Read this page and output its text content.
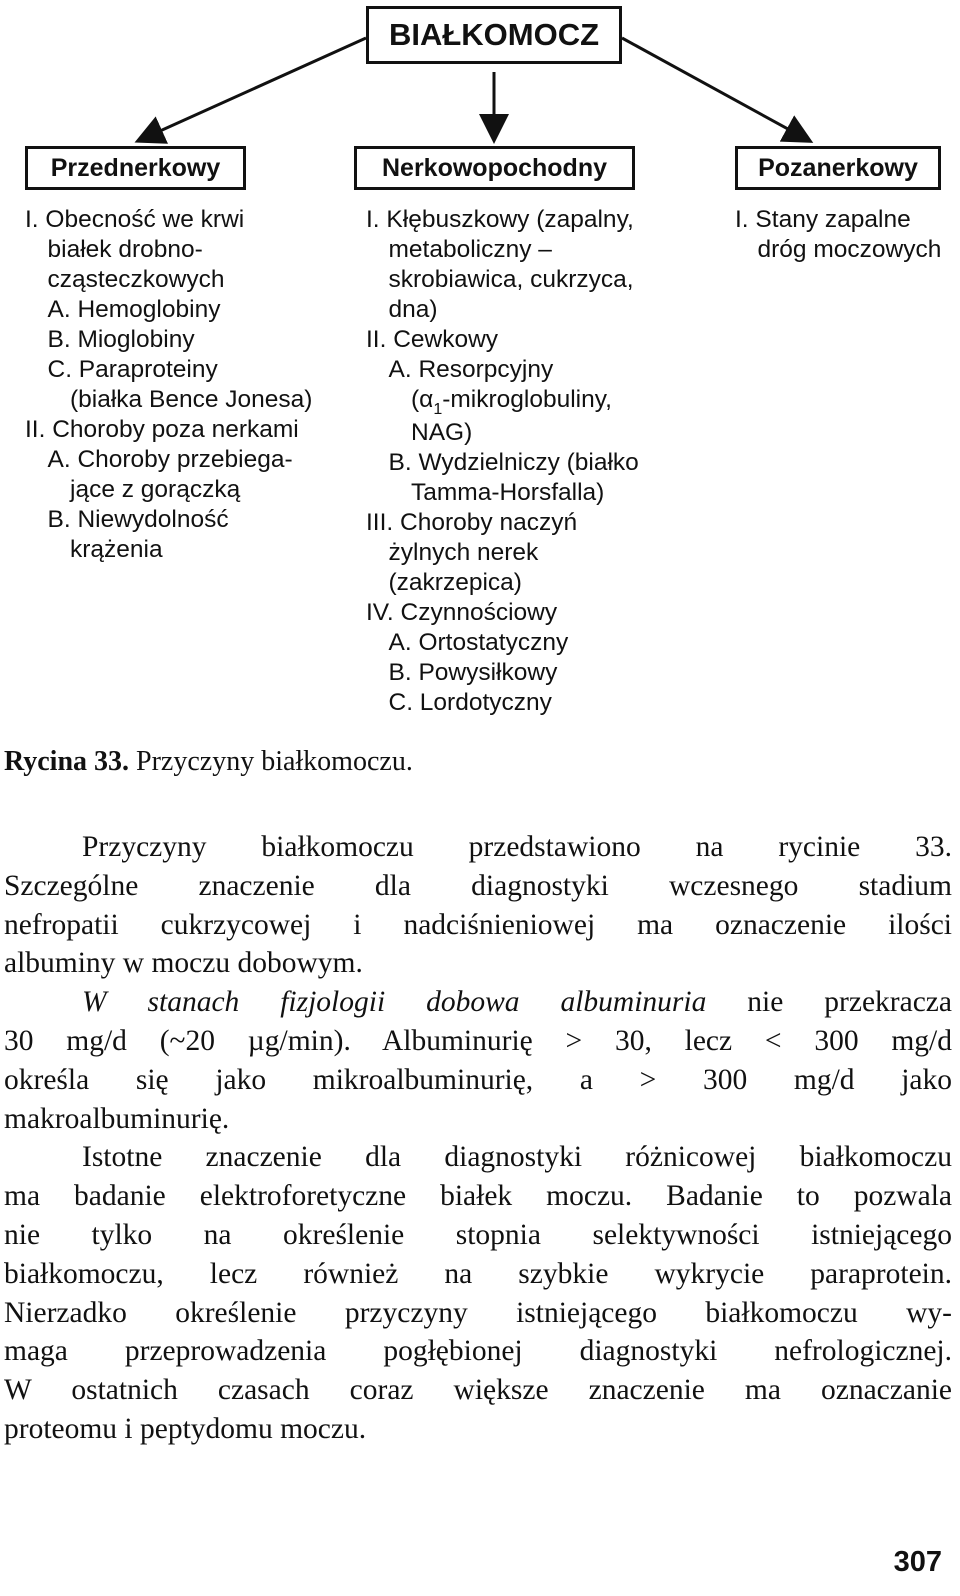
BIAŁKOMOCZ
Przednerkowy	Nerkowopochodny	Pozanerkowy
I. Obecność we krwi
białek drobno-
cząsteczkowych
A. Hemoglobiny
B. Mioglobiny
C. Paraproteiny
(białka Bence Jonesa)
II. Choroby poza nerkami
A. Choroby przebiega-
jące z gorączką
B. Niewydolność
krążenia
I. Kłębuszkowy (zapalny,
metaboliczny –
skrobiawica, cukrzyca,
dna)
II. Cewkowy
A. Resorpcyjny
($\alpha_1$-mikroglobuliny,
NAG)
B. Wydzielniczy (białko
Tamma-Horsfalla)
III. Choroby naczyń
żylnych nerek
(zakrzepica)
IV. Czynnościowy
A. Ortostatyczny
B. Powysiłkowy
C. Lordotyczny
I. Stany zapalne
dróg moczowych
Rycina 33. Przyczyny białkomoczu.
Przyczyny białkomoczu przedstawiono na rycinie 33.
Szczególne znaczenie dla diagnostyki wczesnego stadium
nefropatii cukrzycowej i nadciśnieniowej ma oznaczenie ilości
albuminy w moczu dobowym.
W stanach fizjologii dobowa albuminuria nie przekracza
30 mg/d (~20 µg/min). Albuminurię > 30, lecz < 300 mg/d
określa się jako mikroalbuminurię, a > 300 mg/d jako
makroalbuminurię.
Istotne znaczenie dla diagnostyki różnicowej białkomoczu
ma badanie elektroforetyczne białek moczu. Badanie to pozwala
nie tylko na określenie stopnia selektywności istniejącego
białkomoczu, lecz również na szybkie wykrycie paraprotein.
Nierzadko określenie przyczyny istniejącego białkomoczu wy-
maga przeprowadzenia pogłębionej diagnostyki nefrologicznej.
W ostatnich czasach coraz większe znaczenie ma oznaczanie
proteomu i peptydomu moczu.
307
